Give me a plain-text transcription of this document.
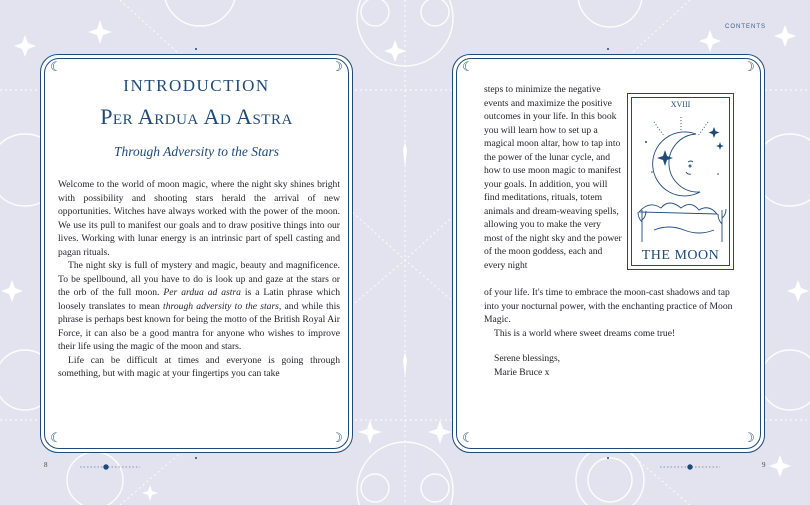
CONTENTS
8	9
☾	☽
☾	☽
INTRODUCTION
Per Ardua Ad Astra
Through Adversity to the Stars

Welcome to the world of moon magic, where the night sky shines bright with possibility and shooting stars herald the arrival of new opportunities. Witches have always worked with the power of the moon. We use its pull to manifest our goals and to draw positive things into our lives. Working with lunar energy is an intrinsic part of spell casting and pagan rituals.

The night sky is full of mystery and magic, beauty and magnificence. To be spellbound, all you have to do is look up and gaze at the stars or the orb of the full moon. Per ardua ad astra is a Latin phrase which loosely translates to mean through adversity to the stars, and while this phrase is perhaps best known for being the motto of the British Royal Air Force, it can also be a good mantra for anyone who wishes to improve their life using the magic of the moon and stars.

Life can be difficult at times and everyone is going through something, but with magic at your fingertips you can take

☾	☽
☾	☽
steps to minimize the negative events and maximize the positive outcomes in your life. In this book you will learn how to set up a magical moon altar, how to tap into the power of the lunar cycle, and how to use moon magic to manifest your goals. In addition, you will find meditations, rituals, totem animals and dream-weaving spells, allowing you to make the very most of the night sky and the power of the moon goddess, each and every night
XVIII
THE MOON

of your life. It's time to embrace the moon-cast shadows and tap into your nocturnal power, with the enchanting practice of Moon Magic.

This is a world where sweet dreams come true!

Serene blessings,
Marie Bruce x
